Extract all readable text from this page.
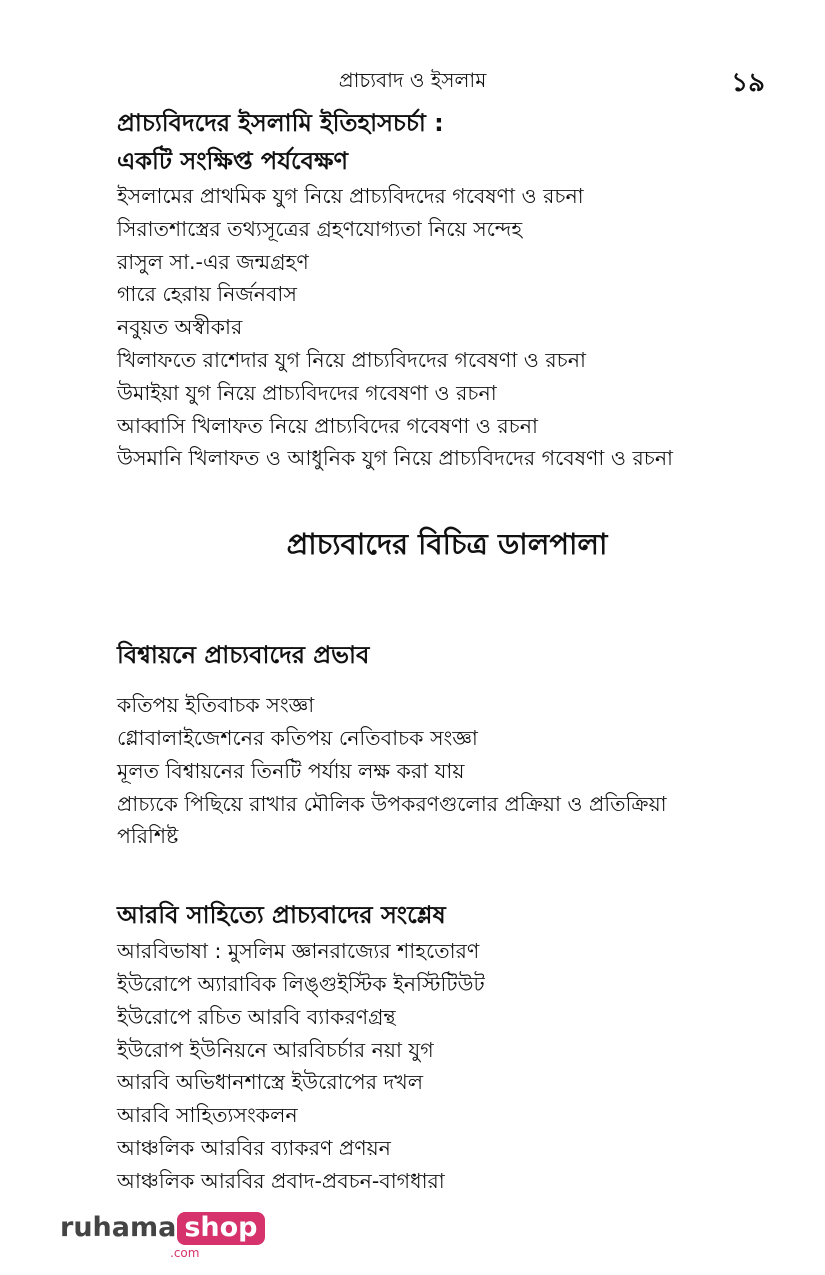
প্রাচ্যবাদ ও ইসলাম	১৯
প্রাচ্যবিদদের ইসলামি ইতিহাসচর্চা :
একটি সংক্ষিপ্ত পর্যবেক্ষণ
ইসলামের প্রাথমিক যুগ নিয়ে প্রাচ্যবিদদের গবেষণা ও রচনা
সিরাতশাস্ত্রের তথ্যসূত্রের গ্রহণযোগ্যতা নিয়ে সন্দেহ
রাসুল সা.-এর জন্মগ্রহণ
গারে হেরায় নির্জনবাস
নবুয়ত অস্বীকার
খিলাফতে রাশেদার যুগ নিয়ে প্রাচ্যবিদদের গবেষণা ও রচনা
উমাইয়া যুগ নিয়ে প্রাচ্যবিদদের গবেষণা ও রচনা
আব্বাসি খিলাফত নিয়ে প্রাচ্যবিদের গবেষণা ও রচনা
উসমানি খিলাফত ও আধুনিক যুগ নিয়ে প্রাচ্যবিদদের গবেষণা ও রচনা
প্রাচ্যবাদের বিচিত্র ডালপালা
বিশ্বায়নে প্রাচ্যবাদের প্রভাব
কতিপয় ইতিবাচক সংজ্ঞা
গ্লোবালাইজেশনের কতিপয় নেতিবাচক সংজ্ঞা
মূলত বিশ্বায়নের তিনটি পর্যায় লক্ষ করা যায়
প্রাচ্যকে পিছিয়ে রাখার মৌলিক উপকরণগুলোর প্রক্রিয়া ও প্রতিক্রিয়া
পরিশিষ্ট
আরবি সাহিত্যে প্রাচ্যবাদের সংশ্লেষ
আরবিভাষা : মুসলিম জ্ঞানরাজ্যের শাহতোরণ
ইউরোপে অ্যারাবিক লিঙ্গুইস্টিক ইনস্টিটিউট
ইউরোপে রচিত আরবি ব্যাকরণগ্রন্থ
ইউরোপ ইউনিয়নে আরবিচর্চার নয়া যুগ
আরবি অভিধানশাস্ত্রে ইউরোপের দখল
আরবি সাহিত্যসংকলন
আঞ্চলিক আরবির ব্যাকরণ প্রণয়ন
আঞ্চলিক আরবির প্রবাদ-প্রবচন-বাগধারা
ruhama shop
.com
